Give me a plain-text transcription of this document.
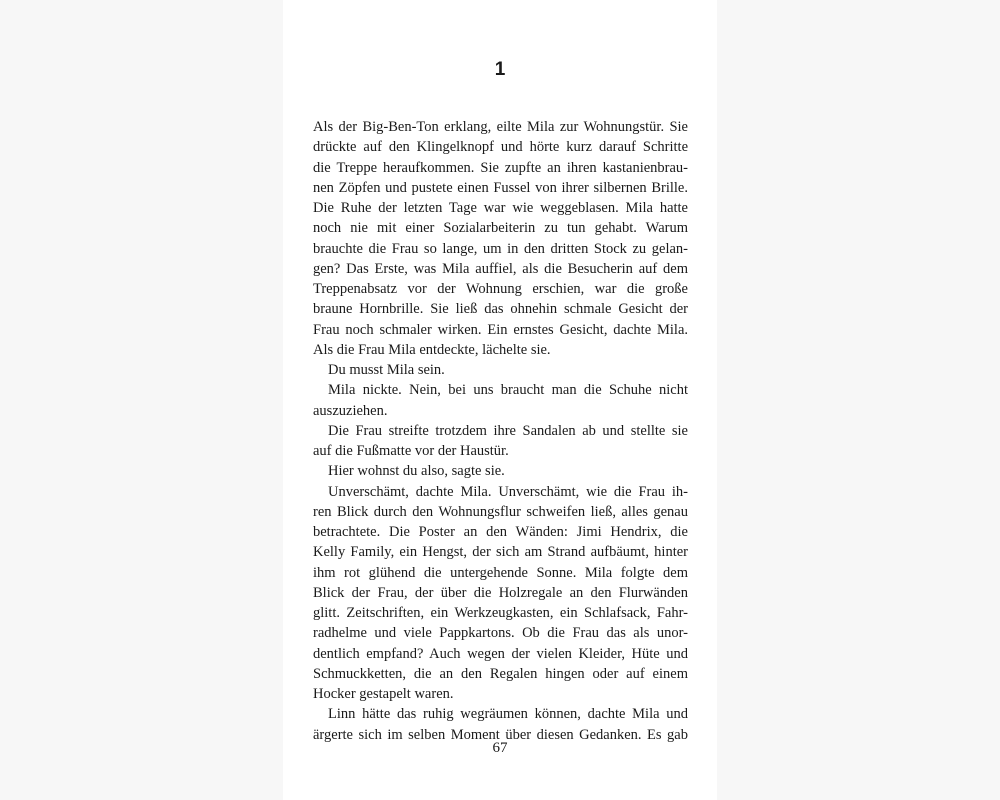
1
Als der Big-Ben-Ton erklang, eilte Mila zur Wohnungstür. Sie
drückte auf den Klingelknopf und hörte kurz darauf Schritte
die Treppe heraufkommen. Sie zupfte an ihren kastanienbrau-
nen Zöpfen und pustete einen Fussel von ihrer silbernen Brille.
Die Ruhe der letzten Tage war wie weggeblasen. Mila hatte
noch nie mit einer Sozialarbeiterin zu tun gehabt. Warum
brauchte die Frau so lange, um in den dritten Stock zu gelan-
gen? Das Erste, was Mila auffiel, als die Besucherin auf dem
Treppenabsatz vor der Wohnung erschien, war die große
braune Hornbrille. Sie ließ das ohnehin schmale Gesicht der
Frau noch schmaler wirken. Ein ernstes Gesicht, dachte Mila.
Als die Frau Mila entdeckte, lächelte sie.
Du musst Mila sein.
Mila nickte. Nein, bei uns braucht man die Schuhe nicht
auszuziehen.
Die Frau streifte trotzdem ihre Sandalen ab und stellte sie
auf die Fußmatte vor der Haustür.
Hier wohnst du also, sagte sie.
Unverschämt, dachte Mila. Unverschämt, wie die Frau ih-
ren Blick durch den Wohnungsflur schweifen ließ, alles genau
betrachtete. Die Poster an den Wänden: Jimi Hendrix, die
Kelly Family, ein Hengst, der sich am Strand aufbäumt, hinter
ihm rot glühend die untergehende Sonne. Mila folgte dem
Blick der Frau, der über die Holzregale an den Flurwänden
glitt. Zeitschriften, ein Werkzeugkasten, ein Schlafsack, Fahr-
radhelme und viele Pappkartons. Ob die Frau das als unor-
dentlich empfand? Auch wegen der vielen Kleider, Hüte und
Schmuckketten, die an den Regalen hingen oder auf einem
Hocker gestapelt waren.
Linn hätte das ruhig wegräumen können, dachte Mila und
ärgerte sich im selben Moment über diesen Gedanken. Es gab
67
